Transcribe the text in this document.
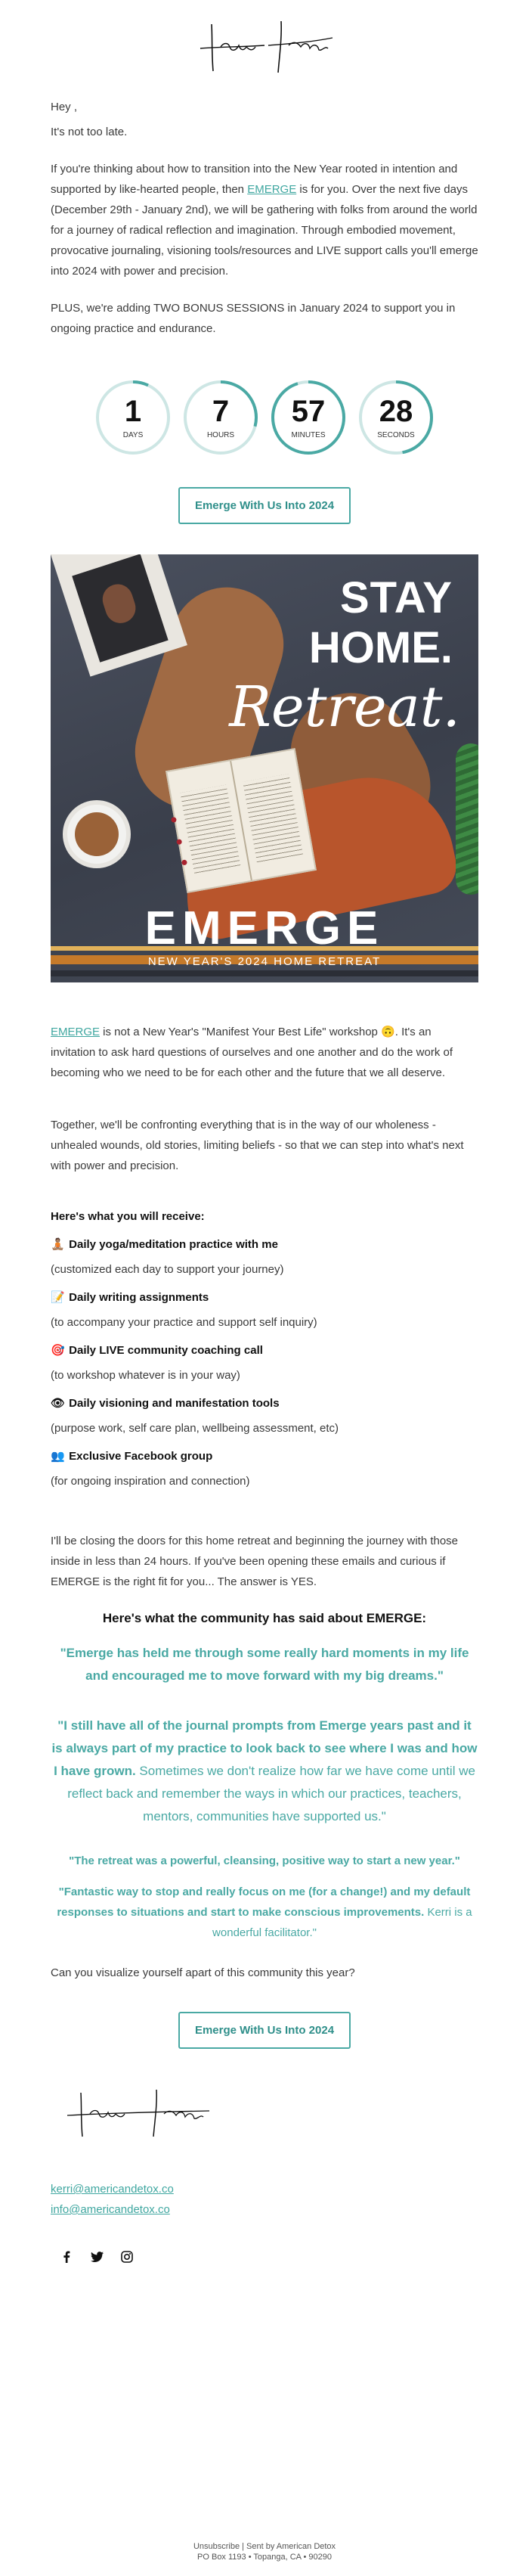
Hey ,

It's not too late.

If you're thinking about how to transition into the New Year rooted in intention and supported by like-hearted people, then EMERGE is for you. Over the next five days (December 29th - January 2nd), we will be gathering with folks from around the world for a journey of radical reflection and imagination. Through embodied movement, provocative journaling, visioning tools/resources and LIVE support calls you'll emerge into 2024 with power and precision.

PLUS, we're adding TWO BONUS SESSIONS in January 2024 to support you in ongoing practice and endurance.

1
DAYS
7
HOURS
57
MINUTES
28
SECONDS
Emerge With Us Into 2024
STAY
HOME.
Retreat.
EMERGE
NEW YEAR'S 2024 HOME RETREAT

EMERGE is not a New Year's "Manifest Your Best Life" workshop 🙃. It's an invitation to ask hard questions of ourselves and one another and do the work of becoming who we need to be for each other and the future that we all deserve.

Together, we'll be confronting everything that is in the way of our wholeness - unhealed wounds, old stories, limiting beliefs - so that we can step into what's next with power and precision.

Here's what you will receive:
🧘🏽 Daily yoga/meditation practice with me
(customized each day to support your journey)
📝 Daily writing assignments
(to accompany your practice and support self inquiry)
🎯 Daily LIVE community coaching call
(to workshop whatever is in your way)
👁 Daily visioning and manifestation tools
(purpose work, self care plan, wellbeing assessment, etc)
👥 Exclusive Facebook group
(for ongoing inspiration and connection)

I'll be closing the doors for this home retreat and beginning the journey with those inside in less than 24 hours. If you've been opening these emails and curious if EMERGE is the right fit for you... The answer is YES.

Here's what the community has said about EMERGE:
"Emerge has held me through some really hard moments in my life and encouraged me to move forward with my big dreams."
"I still have all of the journal prompts from Emerge years past and it is always part of my practice to look back to see where I was and how I have grown. Sometimes we don't realize how far we have come until we reflect back and remember the ways in which our practices, teachers, mentors, communities have supported us."
"The retreat was a powerful, cleansing, positive way to start a new year."
"Fantastic way to stop and really focus on me (for a change!) and my default responses to situations and start to make conscious improvements. Kerri is a wonderful facilitator."

Can you visualize yourself apart of this community this year?

Emerge With Us Into 2024
kerri@americandetox.co
info@americandetox.co
Unsubscribe | Sent by American Detox
PO Box 1193 • Topanga, CA • 90290
